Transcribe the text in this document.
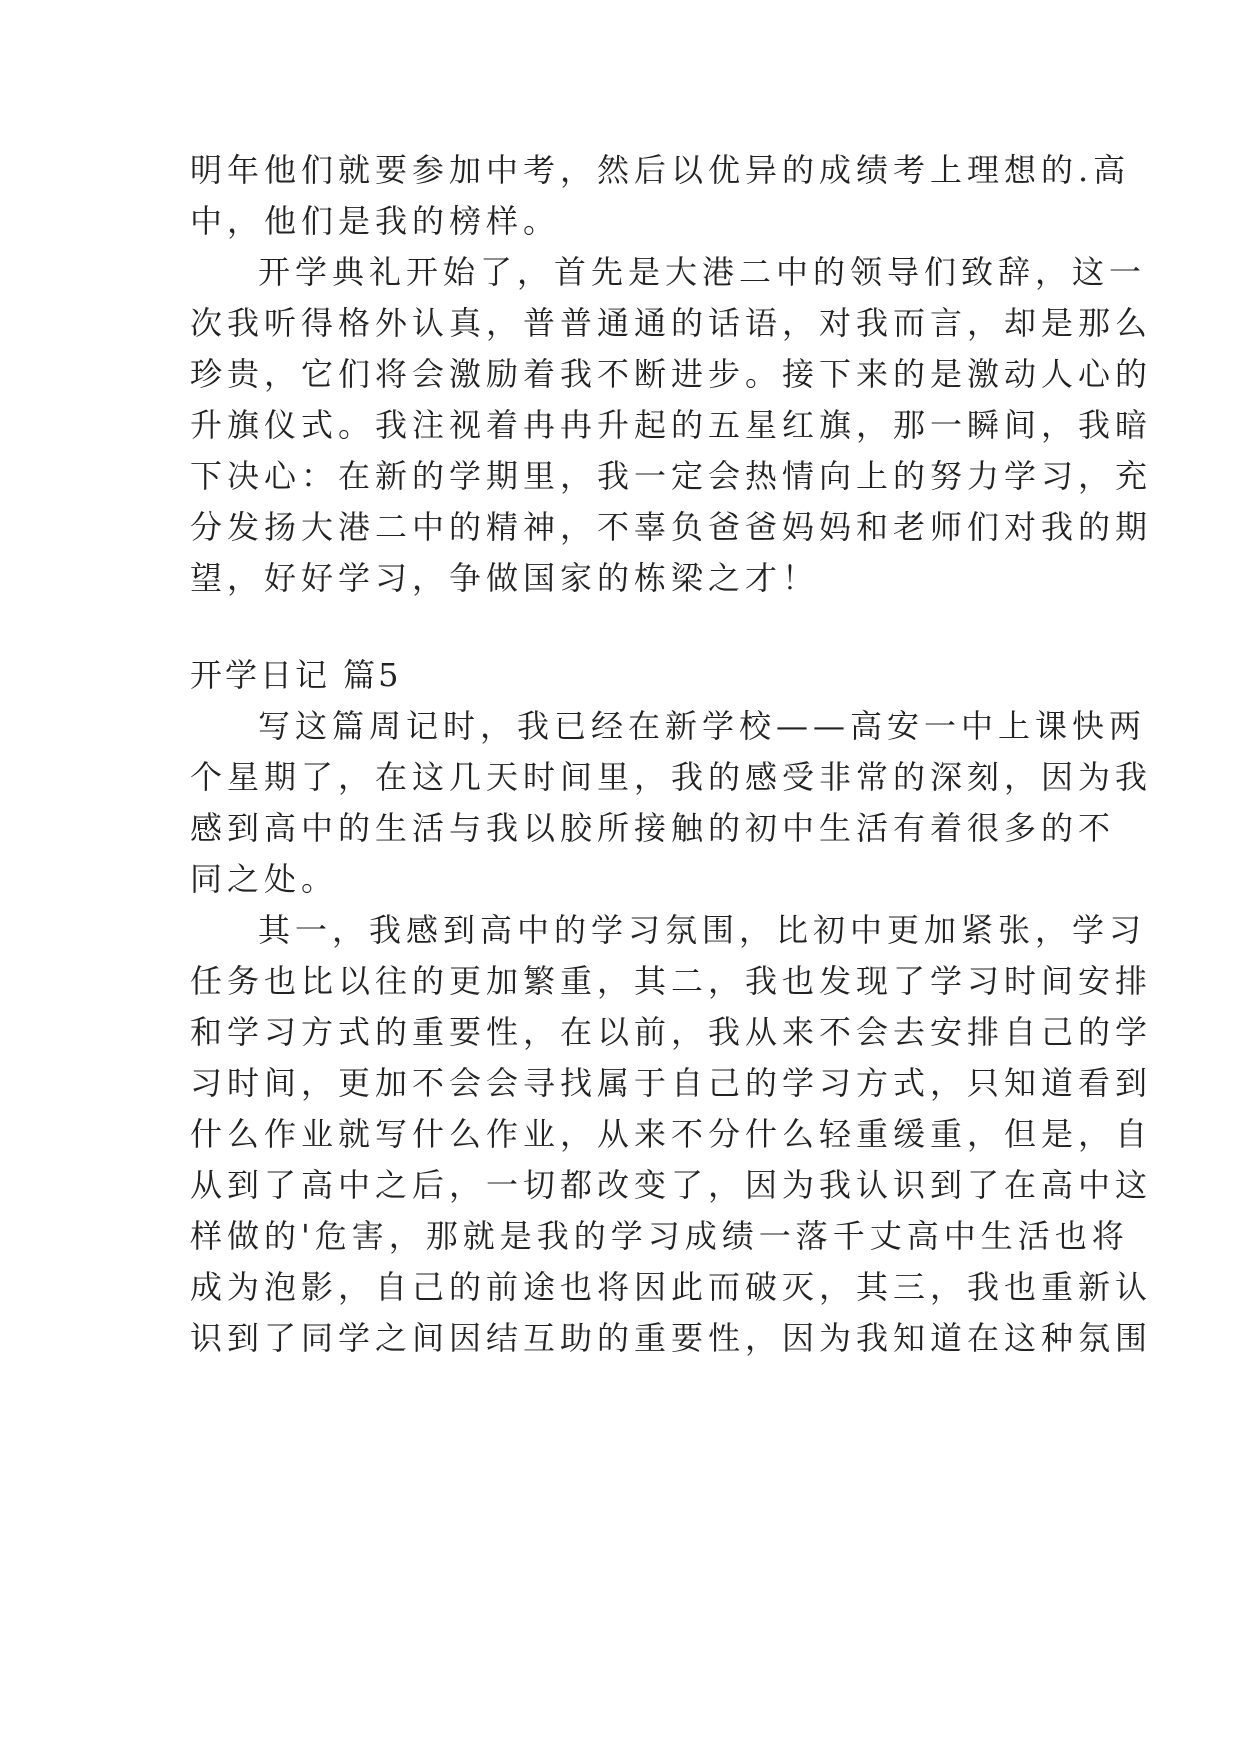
明年他们就要参加中考，然后以优异的成绩考上理想的.高
中，他们是我的榜样。
开学典礼开始了，首先是大港二中的领导们致辞，这一
次我听得格外认真，普普通通的话语，对我而言，却是那么
珍贵，它们将会激励着我不断进步。接下来的是激动人心的
升旗仪式。我注视着冉冉升起的五星红旗，那一瞬间，我暗
下决心：在新的学期里，我一定会热情向上的努力学习，充
分发扬大港二中的精神，不辜负爸爸妈妈和老师们对我的期
望，好好学习，争做国家的栋梁之才！
开学日记 篇5
写这篇周记时，我已经在新学校——高安一中上课快两
个星期了，在这几天时间里，我的感受非常的深刻，因为我
感到高中的生活与我以胶所接触的初中生活有着很多的不
同之处。
其一，我感到高中的学习氛围，比初中更加紧张，学习
任务也比以往的更加繁重，其二，我也发现了学习时间安排
和学习方式的重要性，在以前，我从来不会去安排自己的学
习时间，更加不会会寻找属于自己的学习方式，只知道看到
什么作业就写什么作业，从来不分什么轻重缓重，但是，自
从到了高中之后，一切都改变了，因为我认识到了在高中这
样做的'危害，那就是我的学习成绩一落千丈高中生活也将
成为泡影，自己的前途也将因此而破灭，其三，我也重新认
识到了同学之间因结互助的重要性，因为我知道在这种氛围
